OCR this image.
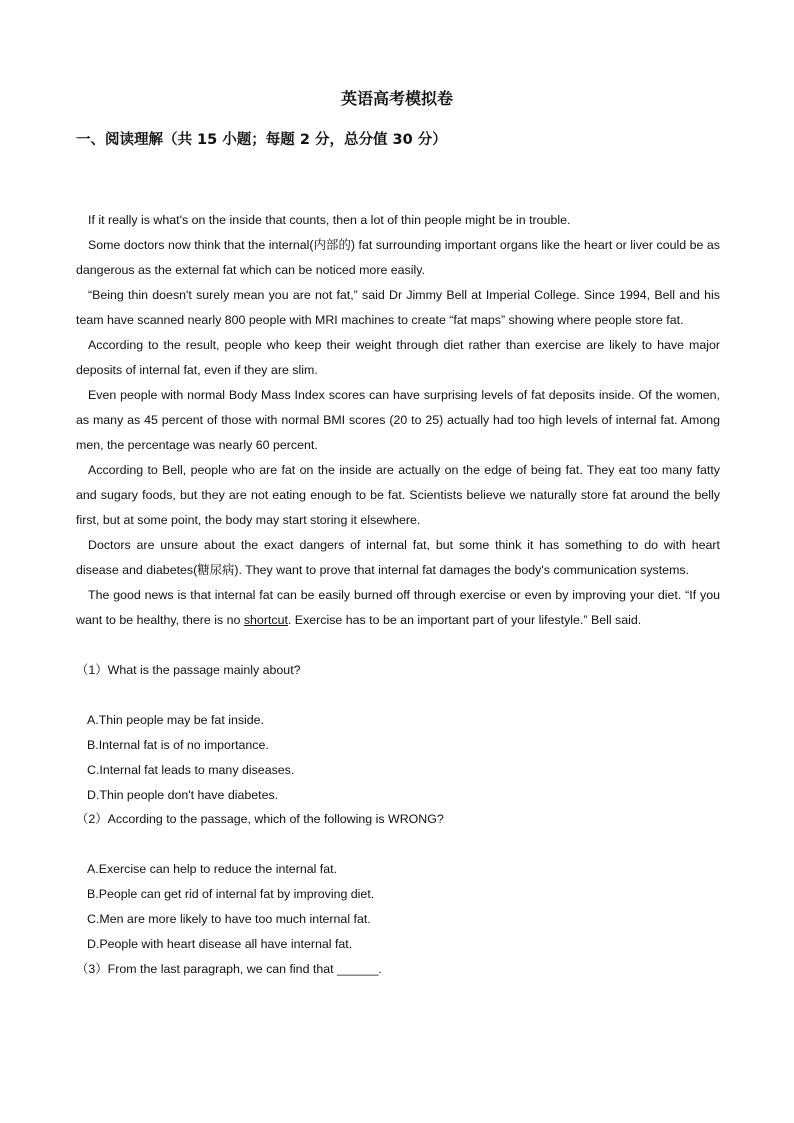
英语高考模拟卷
一、阅读理解（共 15 小题；每题 2 分，总分值 30 分）

If it really is what's on the inside that counts, then a lot of thin people might be in trouble.

Some doctors now think that the internal(内部的) fat surrounding important organs like the heart or liver could be as dangerous as the external fat which can be noticed more easily.

“Being thin doesn't surely mean you are not fat,” said Dr Jimmy Bell at Imperial College. Since 1994, Bell and his team have scanned nearly 800 people with MRI machines to create “fat maps” showing where people store fat.

According to the result, people who keep their weight through diet rather than exercise are likely to have major deposits of internal fat, even if they are slim.

Even people with normal Body Mass Index scores can have surprising levels of fat deposits inside. Of the women, as many as 45 percent of those with normal BMI scores (20 to 25) actually had too high levels of internal fat. Among men, the percentage was nearly 60 percent.

According to Bell, people who are fat on the inside are actually on the edge of being fat. They eat too many fatty and sugary foods, but they are not eating enough to be fat. Scientists believe we naturally store fat around the belly first, but at some point, the body may start storing it elsewhere.

Doctors are unsure about the exact dangers of internal fat, but some think it has something to do with heart disease and diabetes(糖尿病). They want to prove that internal fat damages the body's communication systems.

The good news is that internal fat can be easily burned off through exercise or even by improving your diet. “If you want to be healthy, there is no shortcut. Exercise has to be an important part of your lifestyle.” Bell said.

（1）What is the passage mainly about?
A.Thin people may be fat inside.
B.Internal fat is of no importance.
C.Internal fat leads to many diseases.
D.Thin people don't have diabetes.
（2）According to the passage, which of the following is WRONG?
A.Exercise can help to reduce the internal fat.
B.People can get rid of internal fat by improving diet.
C.Men are more likely to have too much internal fat.
D.People with heart disease all have internal fat.
（3）From the last paragraph, we can find that ______.
